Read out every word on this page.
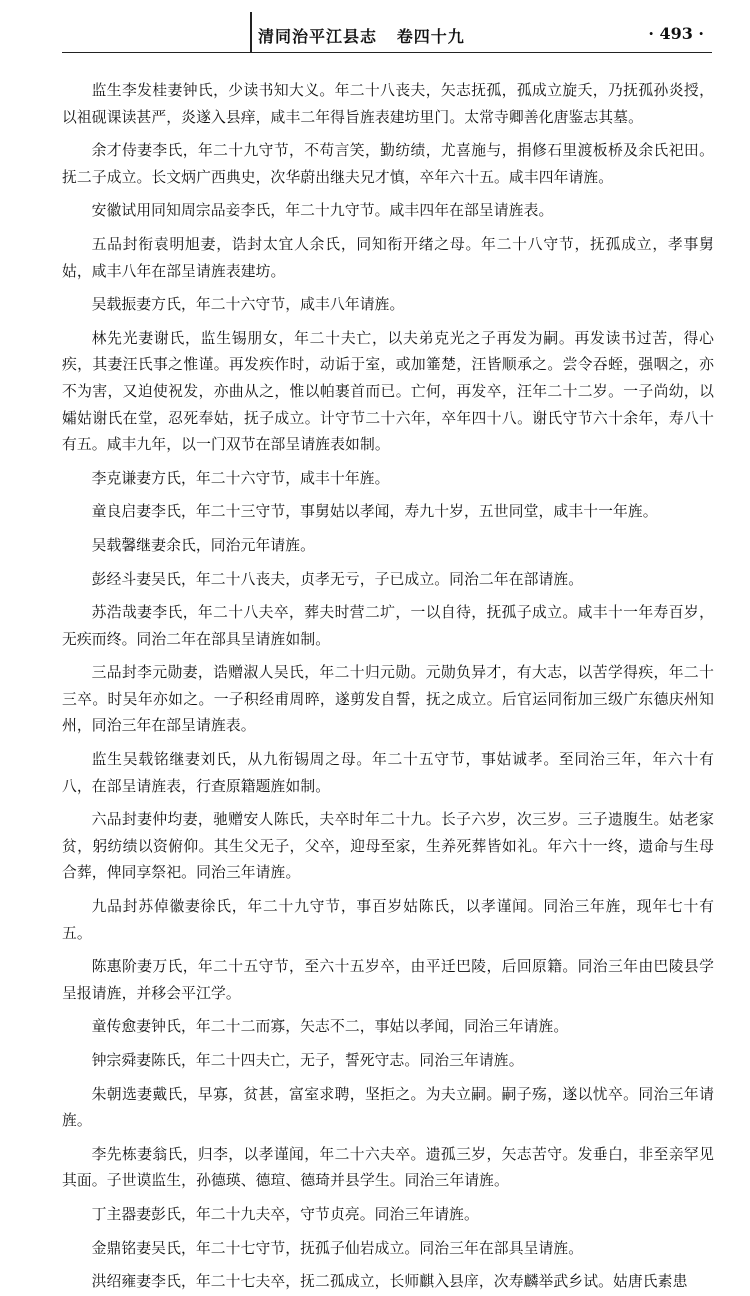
清同治平江县志 卷四十九	· 493 ·

监生李发桂妻钟氏，少读书知大义。年二十八丧夫，矢志抚孤，孤成立旋夭，乃抚孤孙炎授，以祖砚课读甚严，炎遂入县痒，咸丰二年得旨旌表建坊里门。太常寺卿善化唐鉴志其墓。

余才侍妻李氏，年二十九守节，不苟言笑，勤纺绩，尤喜施与，捐修石里渡板桥及余氏祀田。抚二子成立。长文炳广西典史，次华蔚出继夫兄才慎，卒年六十五。咸丰四年请旌。

安徽试用同知周宗品妾李氏，年二十九守节。咸丰四年在部呈请旌表。

五品封衔袁明旭妻，诰封太宜人余氏，同知衔开绪之母。年二十八守节，抚孤成立，孝事舅姑，咸丰八年在部呈请旌表建坊。

吴载振妻方氏，年二十六守节，咸丰八年请旌。

林先光妻谢氏，监生锡朋女，年二十夫亡，以夫弟克光之子再发为嗣。再发读书过苦，得心疾，其妻汪氏事之惟谨。再发疾作时，动诟于室，或加箠楚，汪皆顺承之。尝令吞蛭，强咽之，亦不为害，又迫使祝发，亦曲从之，惟以帕裹首而已。亡何，再发卒，汪年二十二岁。一子尚幼，以孀姑谢氏在堂，忍死奉姑，抚子成立。计守节二十六年，卒年四十八。谢氏守节六十余年，寿八十有五。咸丰九年，以一门双节在部呈请旌表如制。

李克谦妻方氏，年二十六守节，咸丰十年旌。

童良启妻李氏，年二十三守节，事舅姑以孝闻，寿九十岁，五世同堂，咸丰十一年旌。

吴载馨继妻余氏，同治元年请旌。

彭经斗妻吴氏，年二十八丧夫，贞孝无亏，子已成立。同治二年在部请旌。

苏浩哉妻李氏，年二十八夫卒，葬夫时营二圹，一以自待，抚孤子成立。咸丰十一年寿百岁，无疾而终。同治二年在部具呈请旌如制。

三品封李元勋妻，诰赠淑人吴氏，年二十归元勋。元勋负异才，有大志，以苦学得疾，年二十三卒。时吴年亦如之。一子积经甫周晬，遂剪发自誓，抚之成立。后官运同衔加三级广东德庆州知州，同治三年在部呈请旌表。

监生吴载铭继妻刘氏，从九衔锡周之母。年二十五守节，事姑诚孝。至同治三年，年六十有八，在部呈请旌表，行查原籍题旌如制。

六品封妻仲均妻，驰赠安人陈氏，夫卒时年二十九。长子六岁，次三岁。三子遗腹生。姑老家贫，躬纺绩以资俯仰。其生父无子，父卒，迎母至家，生养死葬皆如礼。年六十一终，遗命与生母合葬，俾同享祭祀。同治三年请旌。

九品封苏倬徽妻徐氏，年二十九守节，事百岁姑陈氏，以孝谨闻。同治三年旌，现年七十有五。

陈惠阶妻万氏，年二十五守节，至六十五岁卒，由平迁巴陵，后回原籍。同治三年由巴陵县学呈报请旌，并移会平江学。

童传愈妻钟氏，年二十二而寡，矢志不二，事姑以孝闻，同治三年请旌。

钟宗舜妻陈氏，年二十四夫亡，无子，誓死守志。同治三年请旌。

朱朝选妻戴氏，早寡，贫甚，富室求聘，坚拒之。为夫立嗣。嗣子殇，遂以忧卒。同治三年请旌。

李先栋妻翁氏，归李，以孝谨闻，年二十六夫卒。遗孤三岁，矢志苦守。发垂白，非至亲罕见其面。子世谟监生，孙德瑛、德瑄、德琦并县学生。同治三年请旌。

丁主器妻彭氏，年二十九夫卒，守节贞亮。同治三年请旌。

金鼎铭妻吴氏，年二十七守节，抚孤子仙岩成立。同治三年在部具呈请旌。

洪绍雍妻李氏，年二十七夫卒，抚二孤成立，长师麒入县庠，次寿麟举武乡试。姑唐氏素患
